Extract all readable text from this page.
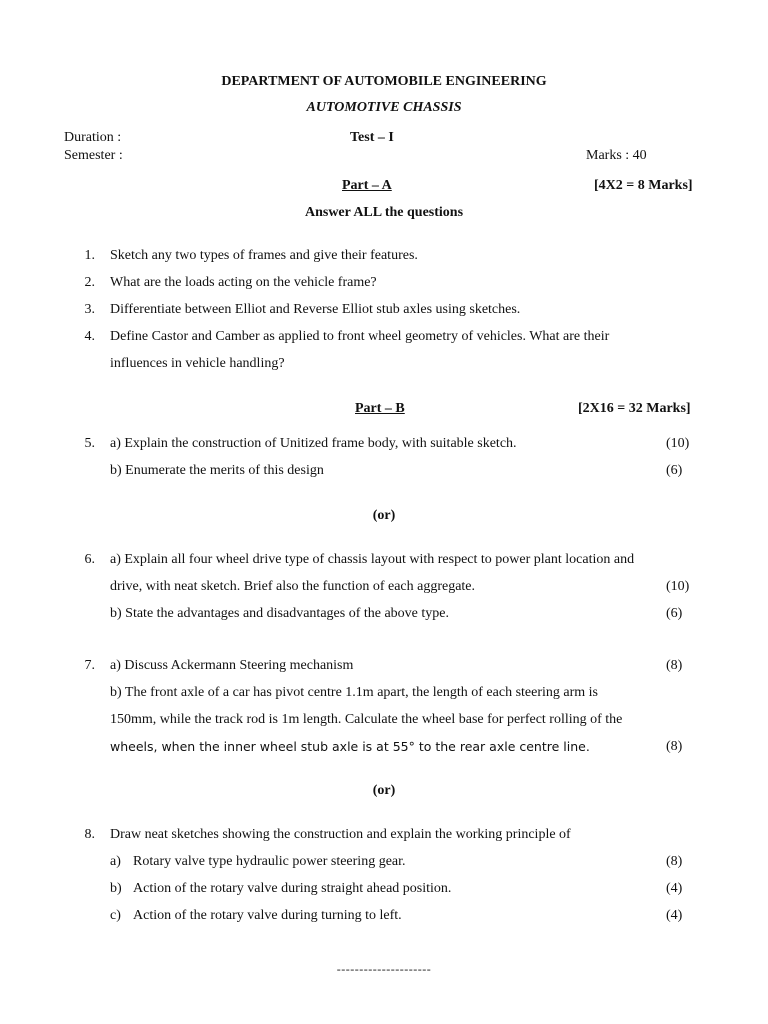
DEPARTMENT OF AUTOMOBILE ENGINEERING
AUTOMOTIVE CHASSIS
Duration :	Test – I
Semester :	Marks : 40
Part – A	[4X2 = 8 Marks]
Answer ALL the questions
1. Sketch any two types of frames and give their features.
2. What are the loads acting on the vehicle frame?
3. Differentiate between Elliot and Reverse Elliot stub axles using sketches.
4. Define Castor and Camber as applied to front wheel geometry of vehicles. What are their
influences in vehicle handling?
Part – B	[2X16 = 32 Marks]
5. a) Explain the construction of Unitized frame body, with suitable sketch.	(10)
b) Enumerate the merits of this design	(6)
(or)
6. a) Explain all four wheel drive type of chassis layout with respect to power plant location and
drive, with neat sketch. Brief also the function of each aggregate.	(10)
b) State the advantages and disadvantages of the above type.	(6)
7. a) Discuss Ackermann Steering mechanism	(8)
b) The front axle of a car has pivot centre 1.1m apart, the length of each steering arm is
150mm, while the track rod is 1m length. Calculate the wheel base for perfect rolling of the
wheels, when the inner wheel stub axle is at 55° to the rear axle centre line.	(8)
(or)
8. Draw neat sketches showing the construction and explain the working principle of
a) Rotary valve type hydraulic power steering gear.	(8)
b) Action of the rotary valve during straight ahead position.	(4)
c) Action of the rotary valve during turning to left.	(4)
---------------------
